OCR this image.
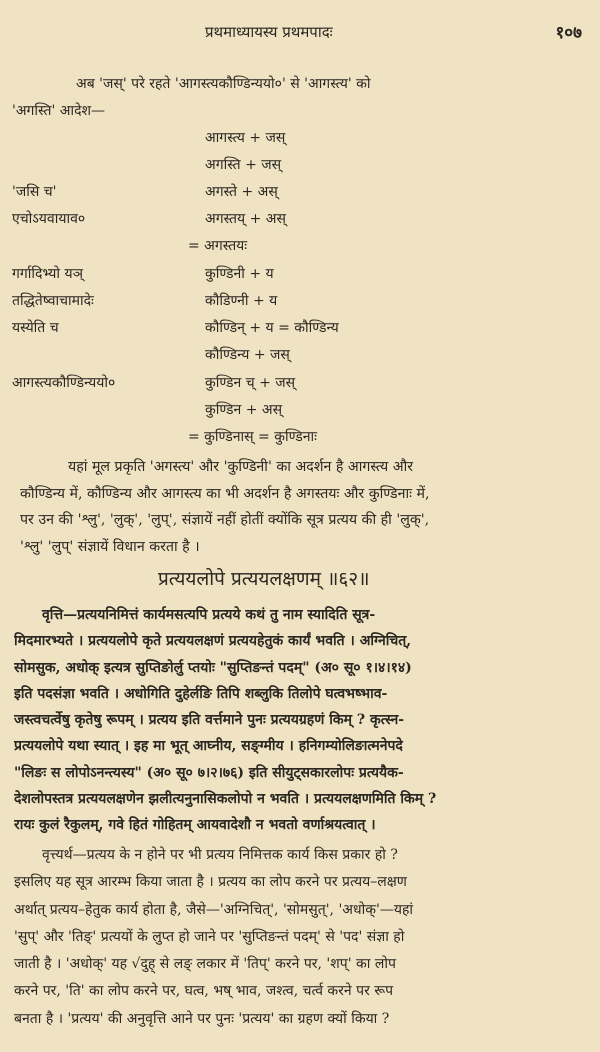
प्रथमाध्यायस्य प्रथमपादः	१०७
अब 'जस्' परे रहते 'आगस्त्यकौण्डिन्ययो०' से 'आगस्त्य' को
'अगस्ति' आदेश—
आगस्त्य + जस्
अगस्ति + जस्
'जसि च'	अगस्ते + अस्
एचोऽयवायाव०	अगस्तय् + अस्
= अगस्तयः
गर्गादिभ्यो यञ्	कुण्डिनी + य
तद्धितेष्वाचामादेः	कौडिण्नी + य
यस्येति च	कौण्डिन् + य = कौण्डिन्य
कौण्डिन्य + जस्
आगस्त्यकौण्डिन्ययो०	कुण्डिन च् + जस्
कुण्डिन + अस्
= कुण्डिनास् = कुण्डिनाः

यहां मूल प्रकृति 'अगस्त्य' और 'कुण्डिनी' का अदर्शन है आगस्त्य और

कौण्डिन्य में, कौण्डिन्य और आगस्त्य का भी अदर्शन है अगस्तयः और कुण्डिनाः में,

पर उन की 'श्लु', 'लुक्', 'लुप्', संज्ञायें नहीं होतीं क्योंकि सूत्र प्रत्यय की ही 'लुक्',

'श्लु' 'लुप्' संज्ञायें विधान करता है ।

प्रत्ययलोपे प्रत्ययलक्षणम् ॥६२॥

वृत्ति—प्रत्ययनिमित्तं कार्यमसत्यपि प्रत्यये कथं तु नाम स्यादिति सूत्र-

मिदमारभ्यते । प्रत्ययलोपे कृते प्रत्ययलक्षणं प्रत्ययहेतुकं कार्यं भवति । अग्निचित्,

सोमसुक, अधोक् इत्यत्र सुप्तिङोर्लु प्तयोः "सुप्तिङन्तं पदम्" (अ० सू० १।४।१४)

इति पदसंज्ञा भवति । अधोगिति दुहेर्लङि तिपि शब्लुकि तिलोपे घत्वभष्भाव-

जस्त्वचर्त्वेषु कृतेषु रूपम् । प्रत्यय इति वर्त्तमाने पुनः प्रत्ययग्रहणं किम् ? कृत्स्न-

प्रत्ययलोपे यथा स्यात् । इह मा भूत् आघ्नीय, सङ्ग्मीय । हनिगम्योलिङात्मनेपदे

"लिङः स लोपोऽनन्त्यस्य" (अ० सू० ७।२।७६) इति सीयुट्सकारलोपः प्रत्ययैक-

देशलोपस्तत्र प्रत्ययलक्षणेन झलीत्यनुनासिकलोपो न भवति । प्रत्ययलक्षणमिति किम् ?

रायः कुलं रैकुलम्, गवे हितं गोहितम् आयवादेशौ न भवतो वर्णाश्रयत्वात् ।

वृत्त्यर्थ—प्रत्यय के न होने पर भी प्रत्यय निमित्तक कार्य किस प्रकार हो ?

इसलिए यह सूत्र आरम्भ किया जाता है । प्रत्यय का लोप करने पर प्रत्यय–लक्षण

अर्थात् प्रत्यय–हेतुक कार्य होता है, जैसे—'अग्निचित्', 'सोमसुत्', 'अधोक्'—यहां

'सुप्' और 'तिङ्' प्रत्ययों के लुप्त हो जाने पर 'सुप्तिङन्तं पदम्' से 'पद' संज्ञा हो

जाती है । 'अधोक्' यह √दुह् से लङ् लकार में 'तिप्' करने पर, 'शप्' का लोप

करने पर, 'ति' का लोप करने पर, घत्व, भष् भाव, जश्त्व, चर्त्व करने पर रूप

बनता है । 'प्रत्यय' की अनुवृत्ति आने पर पुनः 'प्रत्यय' का ग्रहण क्यों किया ?
